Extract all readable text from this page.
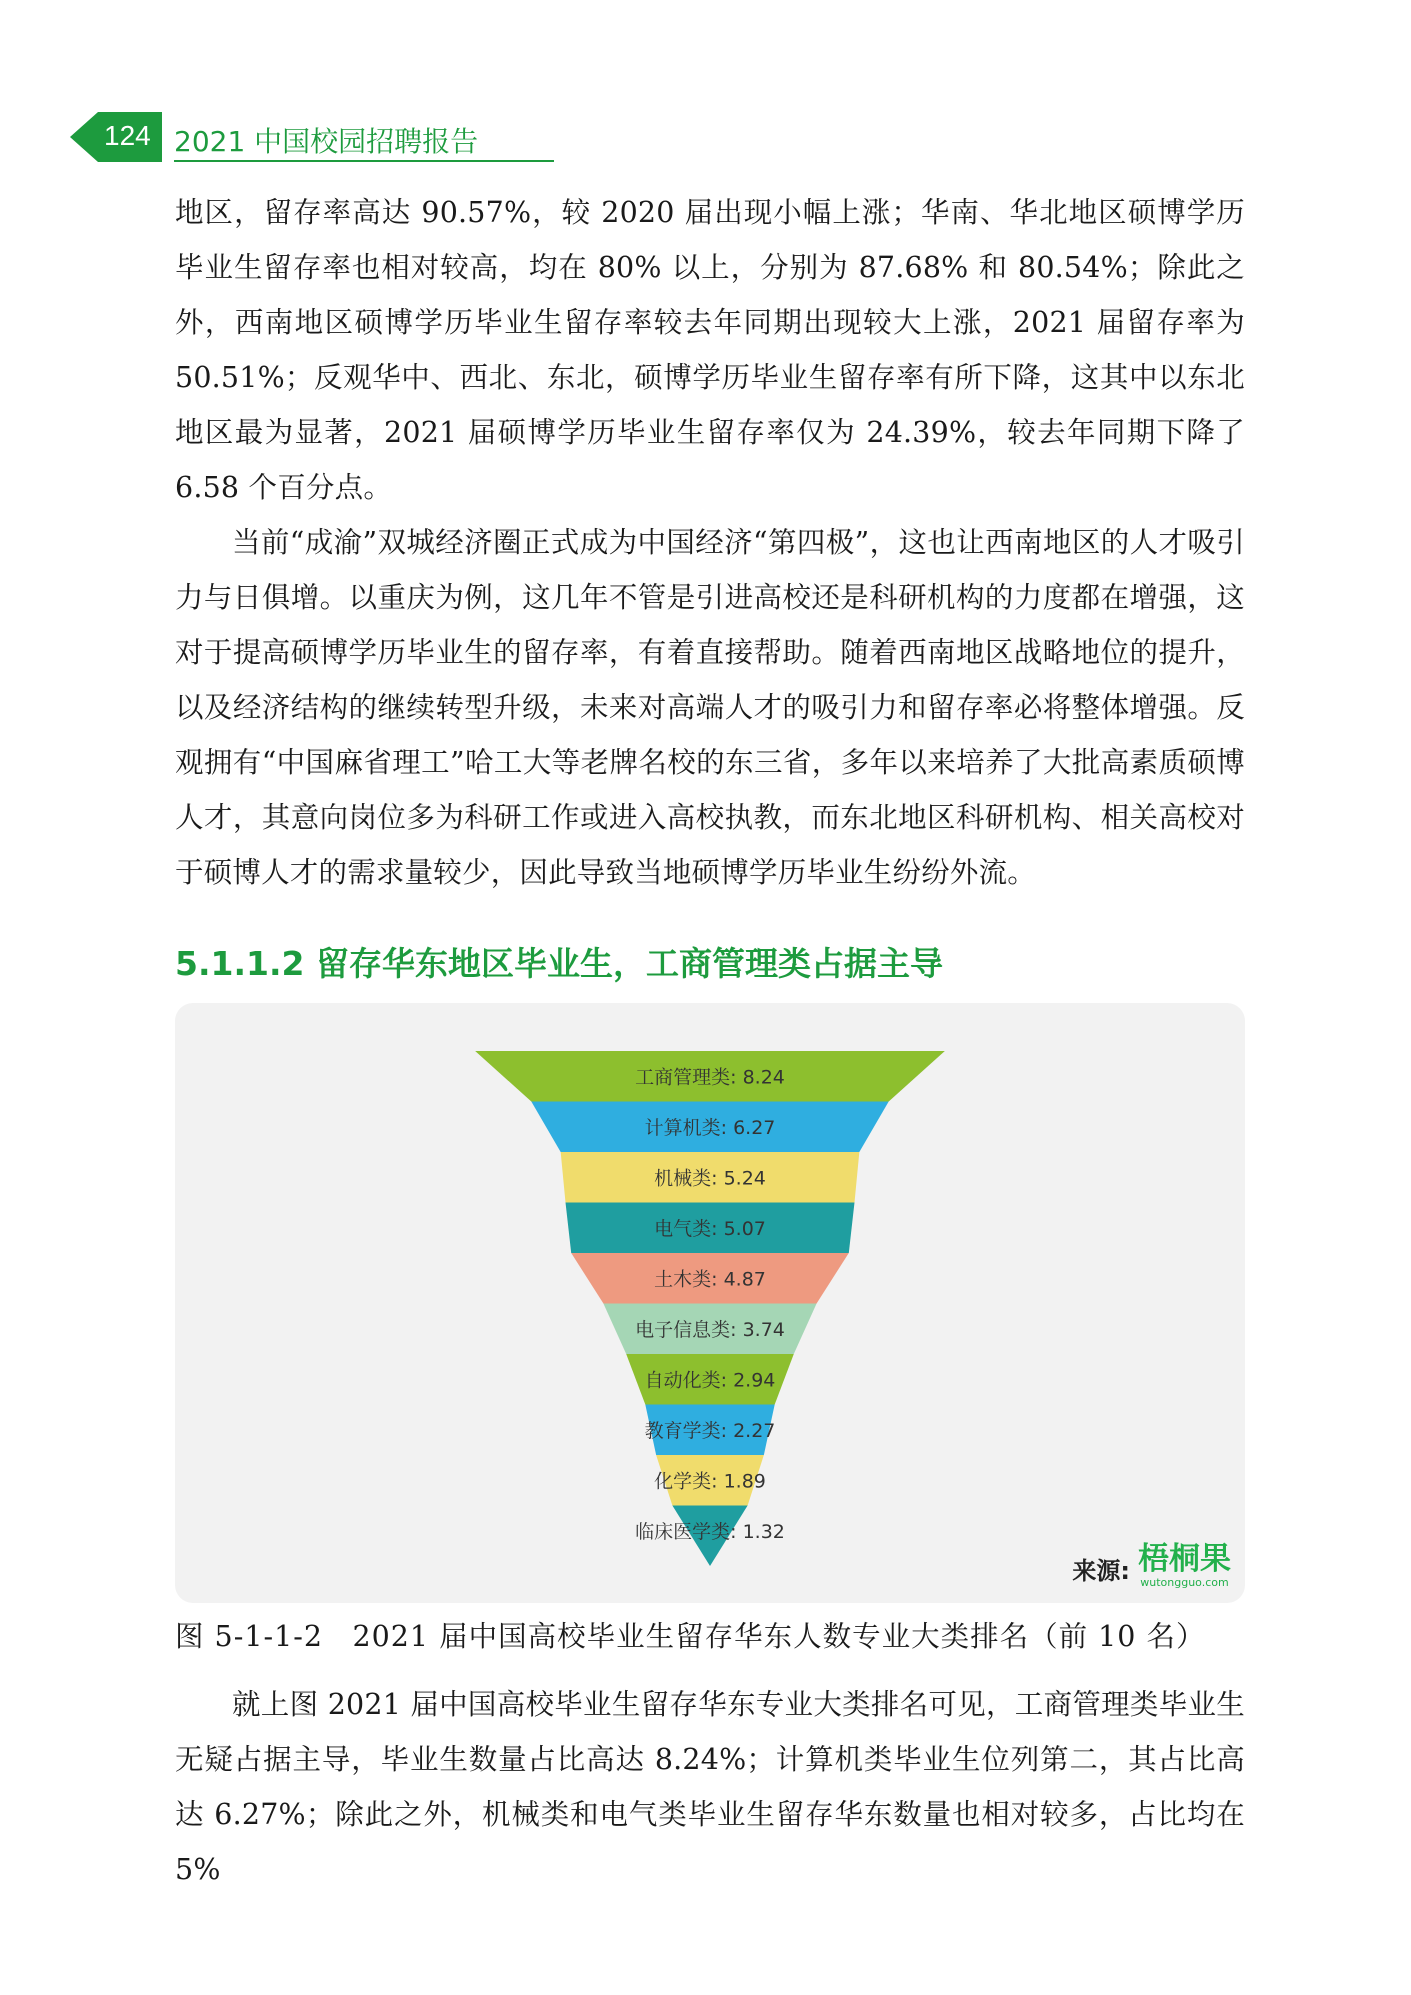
124 2021 中国校园招聘报告

地区，留存率高达 90.57%，较 2020 届出现小幅上涨；华南、华北地区硕博学历毕业生留存率也相对较高，均在 80% 以上，分别为 87.68% 和 80.54%；除此之外，西南地区硕博学历毕业生留存率较去年同期出现较大上涨，2021 届留存率为 50.51%；反观华中、西北、东北，硕博学历毕业生留存率有所下降，这其中以东北地区最为显著，2021 届硕博学历毕业生留存率仅为 24.39%，较去年同期下降了 6.58 个百分点。

当前“成渝”双城经济圈正式成为中国经济“第四极”，这也让西南地区的人才吸引力与日俱增。以重庆为例，这几年不管是引进高校还是科研机构的力度都在增强，这对于提高硕博学历毕业生的留存率，有着直接帮助。随着西南地区战略地位的提升，以及经济结构的继续转型升级，未来对高端人才的吸引力和留存率必将整体增强。反观拥有“中国麻省理工”哈工大等老牌名校的东三省，多年以来培养了大批高素质硕博人才，其意向岗位多为科研工作或进入高校执教，而东北地区科研机构、相关高校对于硕博人才的需求量较少，因此导致当地硕博学历毕业生纷纷外流。

5.1.1.2 留存华东地区毕业生，工商管理类占据主导
工商管理类: 8.24
计算机类: 6.27
机械类: 5.24
电气类: 5.07
土木类: 4.87
电子信息类: 3.74
自动化类: 2.94
教育学类: 2.27
化学类: 1.89
临床医学类: 1.32
来源: 梧桐果
wutongguo.com
图 5-1-1-2　2021 届中国高校毕业生留存华东人数专业大类排名（前 10 名）

就上图 2021 届中国高校毕业生留存华东专业大类排名可见，工商管理类毕业生无疑占据主导，毕业生数量占比高达 8.24%；计算机类毕业生位列第二，其占比高达 6.27%；除此之外，机械类和电气类毕业生留存华东数量也相对较多，占比均在 5%
